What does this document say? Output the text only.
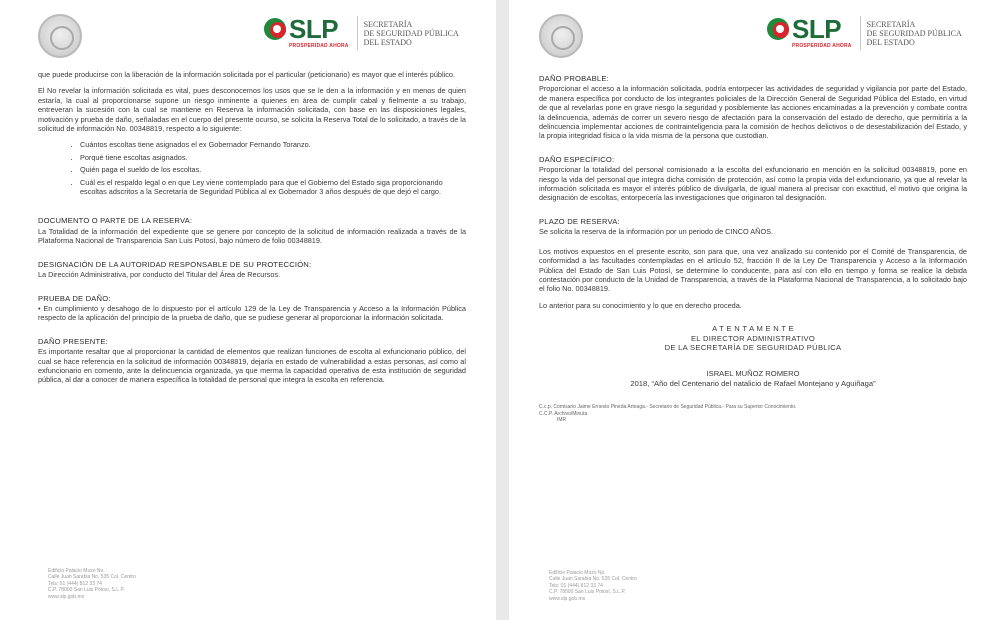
SLP
PROSPERIDAD AHORA
SECRETARÍA
DE SEGURIDAD PÚBLICA
DEL ESTADO

que puede producirse con la liberación de la información solicitada por el particular (peticionario) es mayor que el interés público.

El No revelar la información solicitada es vital, pues desconocemos los usos que se le den a la información y en menos de quien estaría, la cual al proporcionarse supone un riesgo inminente a quienes en área de cumplir cabal y fielmente a su trabajo, entreveran la sucesión con la cual se mantiene en Reserva la información solicitada, con base en las disposiciones legales, motivación y prueba de daño, señaladas en el cuerpo del presente ocurso, se solicita la Reserva Total de lo solicitado, a través de la solicitud de información No. 00348819, respecto a lo siguiente:

• Cuántos escoltas tiene asignados el ex Gobernador Fernando Toranzo.
• Porqué tiene escoltas asignados.
• Quién paga el sueldo de los escoltas.
• Cuál es el respaldo legal o en que Ley viene contemplado para que el Gobierno del Estado siga proporcionando escoltas adscritos a la Secretaría de Seguridad Pública al ex Gobernador 3 años después de que dejó el cargo.
DOCUMENTO O PARTE DE LA RESERVA:

La Totalidad de la información del expediente que se genere por concepto de la solicitud de información realizada a través de la Plataforma Nacional de Transparencia San Luis Potosí, bajo número de folio 00348819.

DESIGNACIÓN DE LA AUTORIDAD RESPONSABLE DE SU PROTECCIÓN:

La Dirección Administrativa, por conducto del Titular del Área de Recursos.

PRUEBA DE DAÑO:

• En cumplimiento y desahogo de lo dispuesto por el artículo 129 de la Ley de Transparencia y Acceso a la Información Pública respecto de la aplicación del principio de la prueba de daño, que se pudiese generar al proporcionar la información solicitada.

DAÑO PRESENTE:

Es importante resaltar que al proporcionar la cantidad de elementos que realizan funciones de escolta al exfuncionario público, del cual se hace referencia en la solicitud de información 00348819, dejaría en estado de vulnerabilidad a estas personas, así como al exfuncionario en comento, ante la delincuencia organizada, ya que merma la capacidad operativa de esta institución de seguridad pública, al dar a conocer de manera específica la totalidad de personal que integra la escolta en referencia.

Edificio Palacio Mozo No.
Calle Juan Sarabia No. 535 Col. Centro
Tels: 01 (444) 812 33 74
C.P. 78000 San Luis Potosí, S.L.P.
www.slp.gob.mx
SLP
PROSPERIDAD AHORA
SECRETARÍA
DE SEGURIDAD PÚBLICA
DEL ESTADO
DAÑO PROBABLE:

Proporcionar el acceso a la información solicitada, podría entorpecer las actividades de seguridad y vigilancia por parte del Estado, de manera específica por conducto de los integrantes policiales de la Dirección General de Seguridad Pública del Estado, en virtud de que al revelarlas pone en grave riesgo la seguridad y posiblemente las acciones encaminadas a la prevención y combate contra la delincuencia, además de correr un severo riesgo de afectación para la conservación del estado de derecho, que permitiría a la delincuencia implementar acciones de contrainteligencia para la comisión de hechos delictivos o de desestabilización del Estado, y la propia integridad física o la vida misma de la persona que custodian.

DAÑO ESPECÍFICO:

Proporcionar la totalidad del personal comisionado a la escolta del exfuncionario en mención en la solicitud 00348819, pone en riesgo la vida del personal que integra dicha comisión de protección, así como la propia vida del exfuncionario, ya que al revelar la información solicitada es mayor el interés público de divulgarla, de igual manera al precisar con exactitud, el motivo que origina la designación de escoltas, entorpecería las investigaciones que originaron tal designación.

PLAZO DE RESERVA:

Se solicita la reserva de la información por un periodo de CINCO AÑOS.

Los motivos expuestos en el presente escrito, son para que, una vez analizado su contenido por el Comité de Transparencia, de conformidad a las facultades contempladas en el artículo 52, fracción II de la Ley De Transparencia y Acceso a la Información Pública del Estado de San Luis Potosí, se determine lo conducente, para así con ello en tiempo y forma se realice la debida contestación por conducto de la Unidad de Transparencia, a través de la Plataforma Nacional de Transparencia, a lo solicitado bajo el folio No. 00348819.

Lo anterior para su conocimiento y lo que en derecho proceda.

A T E N T A M E N T E
EL DIRECTOR ADMINISTRATIVO
DE LA SECRETARÍA DE SEGURIDAD PÚBLICA
ISRAEL MUÑOZ ROMERO
2018, “Año del Centenario del natalicio de Rafael Montejano y Aguiñaga”
C.c.p. Comisario Jaime Ernesto Pineda Arteaga.- Secretario de Seguridad Pública.- Para su Superior Conocimiento.
C.C.P. Archivo/Minuta
IMR
Edificio Palacio Mozo No.
Calle Juan Sarabia No. 535 Col. Centro
Tels: 01 (444) 812 33 74
C.P. 78000 San Luis Potosí, S.L.P.
www.slp.gob.mx
